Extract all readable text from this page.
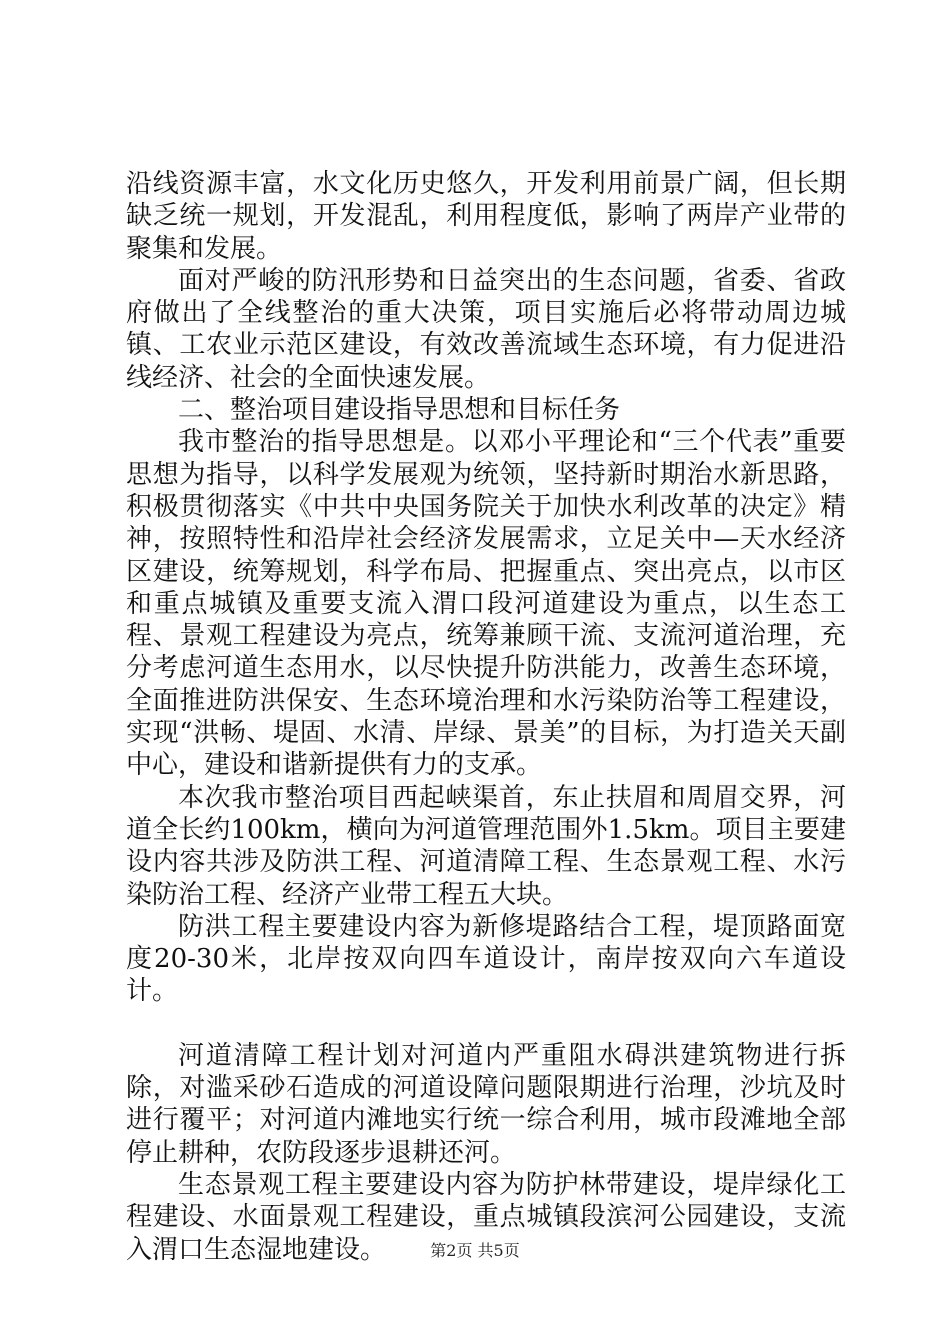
沿线资源丰富，水文化历史悠久，开发利用前景广阔，但长期缺乏统一规划，开发混乱，利用程度低，影响了两岸产业带的聚集和发展。

面对严峻的防汛形势和日益突出的生态问题，省委、省政府做出了全线整治的重大决策，项目实施后必将带动周边城镇、工农业示范区建设，有效改善流域生态环境，有力促进沿线经济、社会的全面快速发展。

二、整治项目建设指导思想和目标任务

我市整治的指导思想是。以邓小平理论和“三个代表”重要思想为指导，以科学发展观为统领，坚持新时期治水新思路，积极贯彻落实《中共中央国务院关于加快水利改革的决定》精神，按照特性和沿岸社会经济发展需求，立足关中—天水经济区建设，统筹规划，科学布局、把握重点、突出亮点，以市区和重点城镇及重要支流入渭口段河道建设为重点，以生态工程、景观工程建设为亮点，统筹兼顾干流、支流河道治理，充分考虑河道生态用水，以尽快提升防洪能力，改善生态环境，全面推进防洪保安、生态环境治理和水污染防治等工程建设，实现“洪畅、堤固、水清、岸绿、景美”的目标，为打造关天副中心，建设和谐新提供有力的支承。

本次我市整治项目西起峡渠首，东止扶眉和周眉交界，河道全长约100km，横向为河道管理范围外1.5km。项目主要建设内容共涉及防洪工程、河道清障工程、生态景观工程、水污染防治工程、经济产业带工程五大块。

防洪工程主要建设内容为新修堤路结合工程，堤顶路面宽度20-30米，北岸按双向四车道设计，南岸按双向六车道设计。

河道清障工程计划对河道内严重阻水碍洪建筑物进行拆除，对滥采砂石造成的河道设障问题限期进行治理，沙坑及时进行覆平；对河道内滩地实行统一综合利用，城市段滩地全部停止耕种，农防段逐步退耕还河。

生态景观工程主要建设内容为防护林带建设，堤岸绿化工程建设、水面景观工程建设，重点城镇段滨河公园建设，支流入渭口生态湿地建设。	第2页 共5页
